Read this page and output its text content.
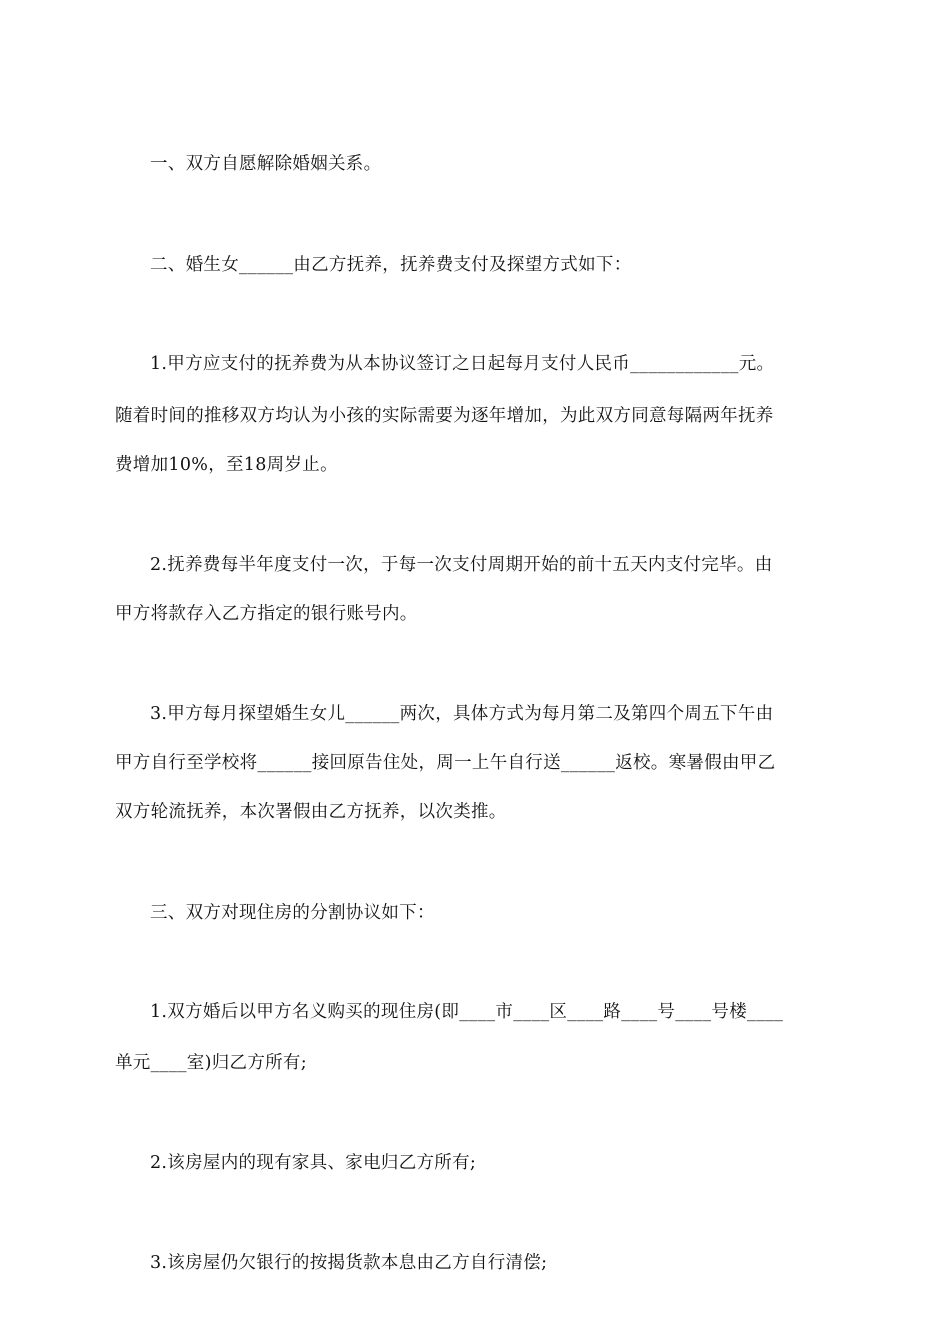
一、双方自愿解除婚姻关系。
二、婚生女______由乙方抚养，抚养费支付及探望方式如下：
1.甲方应支付的抚养费为从本协议签订之日起每月支付人民币____________元。
随着时间的推移双方均认为小孩的实际需要为逐年增加，为此双方同意每隔两年抚养
费增加10%，至18周岁止。
2.抚养费每半年度支付一次，于每一次支付周期开始的前十五天内支付完毕。由
甲方将款存入乙方指定的银行账号内。
3.甲方每月探望婚生女儿______两次，具体方式为每月第二及第四个周五下午由
甲方自行至学校将______接回原告住处，周一上午自行送______返校。寒暑假由甲乙
双方轮流抚养，本次署假由乙方抚养，以次类推。
三、双方对现住房的分割协议如下：
1.双方婚后以甲方名义购买的现住房(即____市____区____路____号____号楼____
单元____室)归乙方所有;
2.该房屋内的现有家具、家电归乙方所有;
3.该房屋仍欠银行的按揭货款本息由乙方自行清偿;
